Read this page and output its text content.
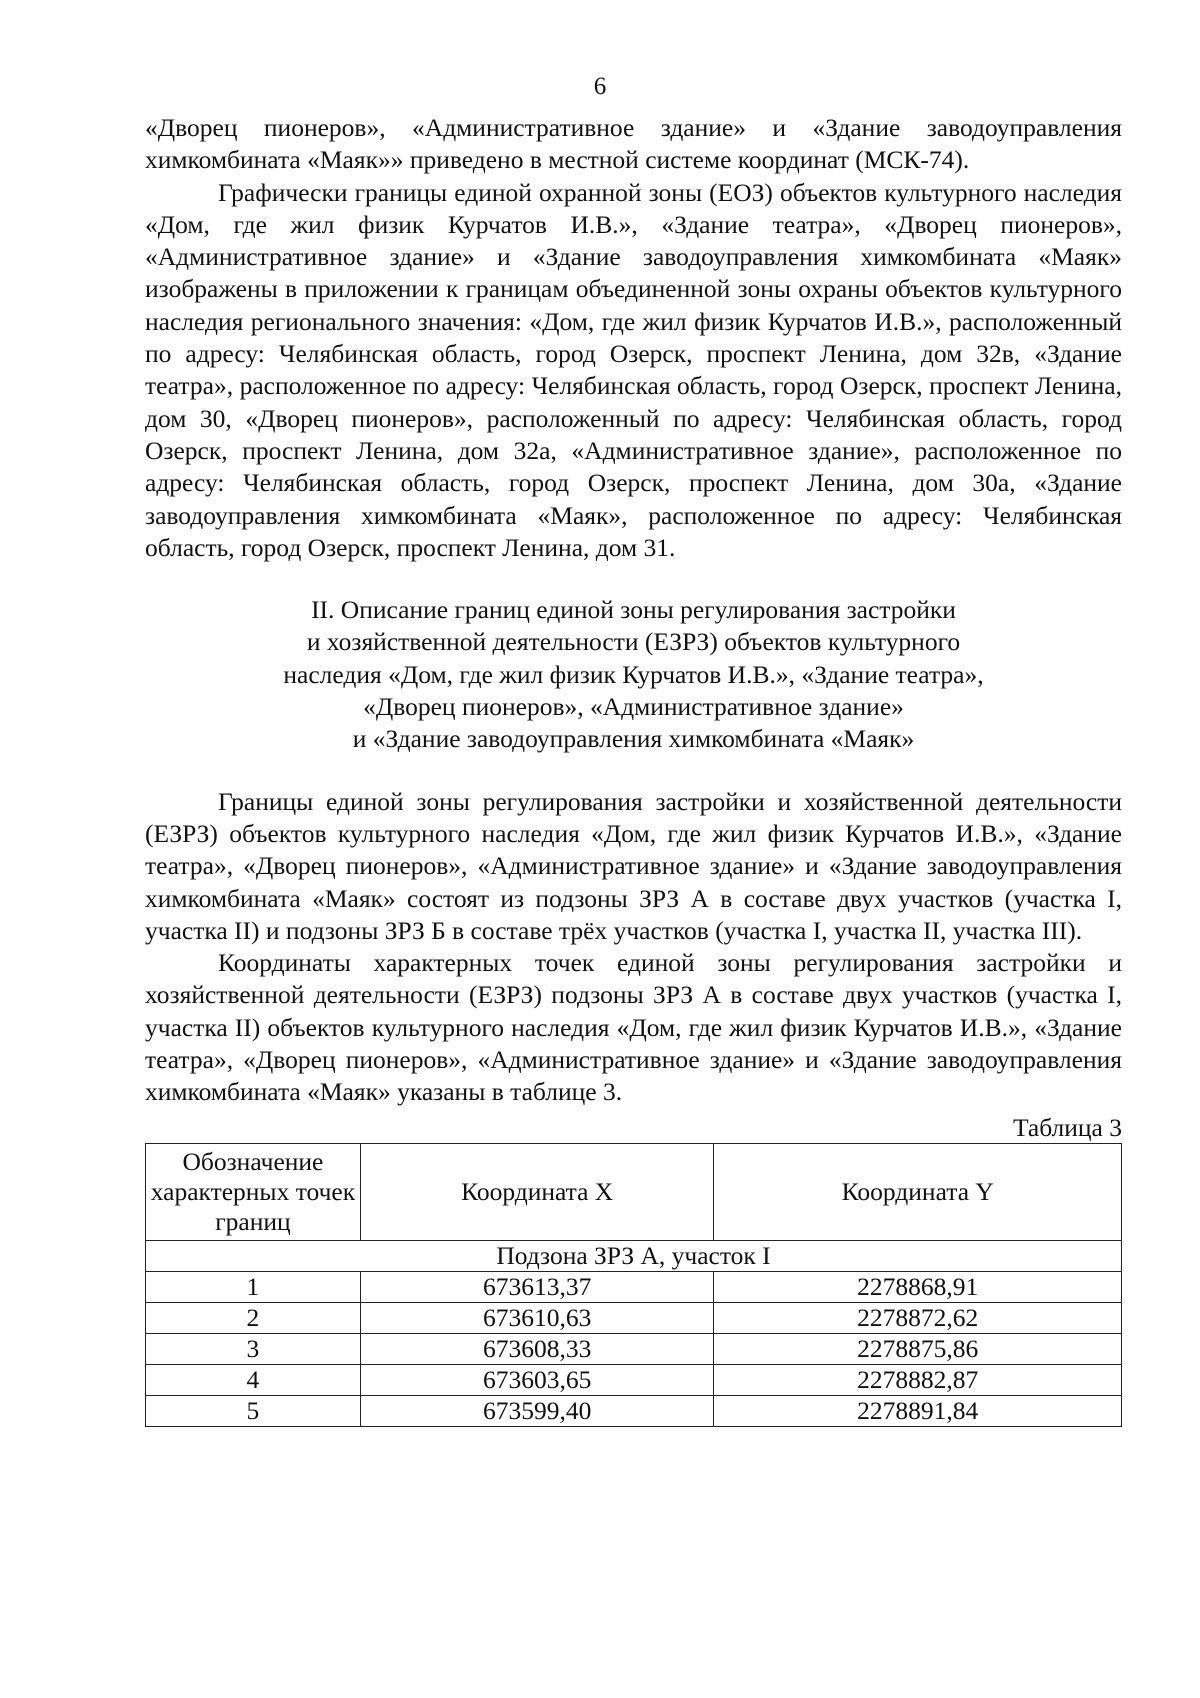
6

«Дворец пионеров», «Административное здание» и «Здание заводоуправления химкомбината «Маяк»» приведено в местной системе координат (МСК-74).

Графически границы единой охранной зоны (ЕОЗ) объектов культурного наследия «Дом, где жил физик Курчатов И.В.», «Здание театра», «Дворец пионеров», «Административное здание» и «Здание заводоуправления химкомбината «Маяк» изображены в приложении к границам объединенной зоны охраны объектов культурного наследия регионального значения: «Дом, где жил физик Курчатов И.В.», расположенный по адресу: Челябинская область, город Озерск, проспект Ленина, дом 32в, «Здание театра», расположенное по адресу: Челябинская область, город Озерск, проспект Ленина, дом 30, «Дворец пионеров», расположенный по адресу: Челябинская область, город Озерск, проспект Ленина, дом 32а, «Административное здание», расположенное по адресу: Челябинская область, город Озерск, проспект Ленина, дом 30а, «Здание заводоуправления химкомбината «Маяк», расположенное по адресу: Челябинская область, город Озерск, проспект Ленина, дом 31.

II. Описание границ единой зоны регулирования застройки
и хозяйственной деятельности (ЕЗРЗ) объектов культурного
наследия «Дом, где жил физик Курчатов И.В.», «Здание театра»,
«Дворец пионеров», «Административное здание»
и «Здание заводоуправления химкомбината «Маяк»

Границы единой зоны регулирования застройки и хозяйственной деятельности (ЕЗРЗ) объектов культурного наследия «Дом, где жил физик Курчатов И.В.», «Здание театра», «Дворец пионеров», «Административное здание» и «Здание заводоуправления химкомбината «Маяк» состоят из подзоны ЗРЗ А в составе двух участков (участка I, участка II) и подзоны ЗРЗ Б в составе трёх участков (участка I, участка II, участка III).

Координаты характерных точек единой зоны регулирования застройки и хозяйственной деятельности (ЕЗРЗ) подзоны ЗРЗ А в составе двух участков (участка I, участка II) объектов культурного наследия «Дом, где жил физик Курчатов И.В.», «Здание театра», «Дворец пионеров», «Административное здание» и «Здание заводоуправления химкомбината «Маяк» указаны в таблице 3.

Таблица 3
Обозначение характерных точек границ	Координата X	Координата Y
Подзона ЗРЗ А, участок I		
1	673613,37	2278868,91
2	673610,63	2278872,62
3	673608,33	2278875,86
4	673603,65	2278882,87
5	673599,40	2278891,84
